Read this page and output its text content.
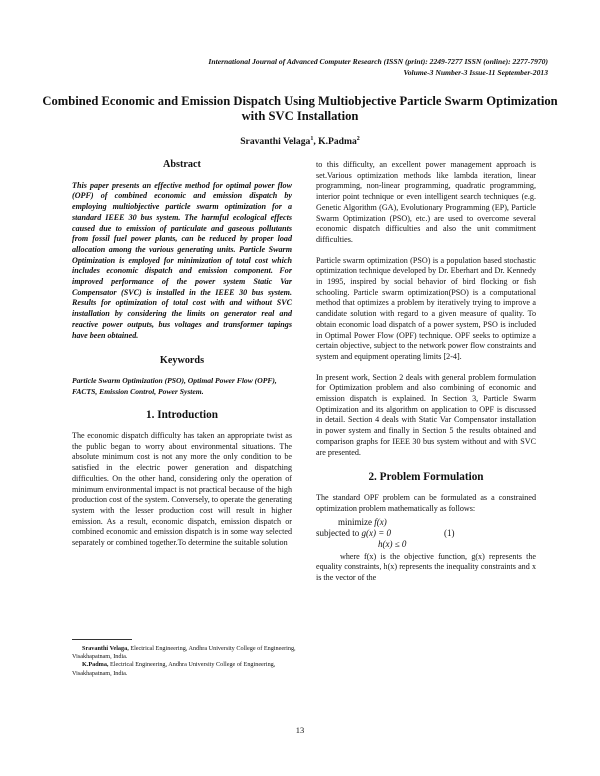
International Journal of Advanced Computer Research (ISSN (print): 2249-7277 ISSN (online): 2277-7970)
Volume-3 Number-3 Issue-11 September-2013
Combined Economic and Emission Dispatch Using Multiobjective Particle Swarm Optimization with SVC Installation
Sravanthi Velaga$^1$, K.Padma$^2$

Abstract

This paper presents an effective method for optimal power flow (OPF) of combined economic and emission dispatch by employing multiobjective particle swarm optimization for a standard IEEE 30 bus system. The harmful ecological effects caused due to emission of particulate and gaseous pollutants from fossil fuel power plants, can be reduced by proper load allocation among the various generating units. Particle Swarm Optimization is employed for minimization of total cost which includes economic dispatch and emission component. For improved performance of the power system Static Var Compensator (SVC) is installed in the IEEE 30 bus system. Results for optimization of total cost with and without SVC installation by considering the limits on generator real and reactive power outputs, bus voltages and transformer tapings have been obtained.

Keywords

Particle Swarm Optimization (PSO), Optimal Power Flow (OPF), FACTS, Emission Control, Power System.

1. Introduction

The economic dispatch difficulty has taken an appropriate twist as the public began to worry about environmental situations. The absolute minimum cost is not any more the only condition to be satisfied in the electric power generation and dispatching difficulties. On the other hand, considering only the operation of minimum environmental impact is not practical because of the high production cost of the system. Conversely, to operate the generating system with the lesser production cost will result in higher emission. As a result, economic dispatch, emission dispatch or combined economic and emission dispatch is in some way selected separately or combined together.To determine the suitable solution

Sravanthi Velaga, Electrical Engineering, Andhra University College of Engineering, Visakhapatnam, India.

K.Padma, Electrical Engineering, Andhra University College of Engineering, Visakhapatnam, India.

to this difficulty, an excellent power management approach is set.Various optimization methods like lambda iteration, linear programming, non-linear programming, quadratic programming, interior point technique or even intelligent search techniques (e.g. Genetic Algorithm (GA), Evolutionary Programming (EP), Particle Swarm Optimization (PSO), etc.) are used to overcome several economic dispatch difficulties and also the unit commitment difficulties.

Particle swarm optimization (PSO) is a population based stochastic optimization technique developed by Dr. Eberhart and Dr. Kennedy in 1995, inspired by social behavior of bird flocking or fish schooling. Particle swarm optimization(PSO) is a computational method that optimizes a problem by iteratively trying to improve a candidate solution with regard to a given measure of quality. To obtain economic load dispatch of a power system, PSO is included in Optimal Power Flow (OPF) technique. OPF seeks to optimize a certain objective, subject to the network power flow constraints and system and equipment operating limits [2-4].

In present work, Section 2 deals with general problem formulation for Optimization problem and also combining of economic and emission dispatch is explained. In Section 3, Particle Swarm Optimization and its algorithm on application to OPF is discussed in detail. Section 4 deals with Static Var Compensator installation in power system and finally in Section 5 the results obtained and comparison graphs for IEEE 30 bus system without and with SVC are presented.

2. Problem Formulation

The standard OPF problem can be formulated as a constrained optimization problem mathematically as follows:

minimize f(x)
subjected to g(x) = 0	(1)
h(x) ≤ 0

where f(x) is the objective function, g(x) represents the equality constraints, h(x) represents the inequality constraints and x is the vector of the

13
